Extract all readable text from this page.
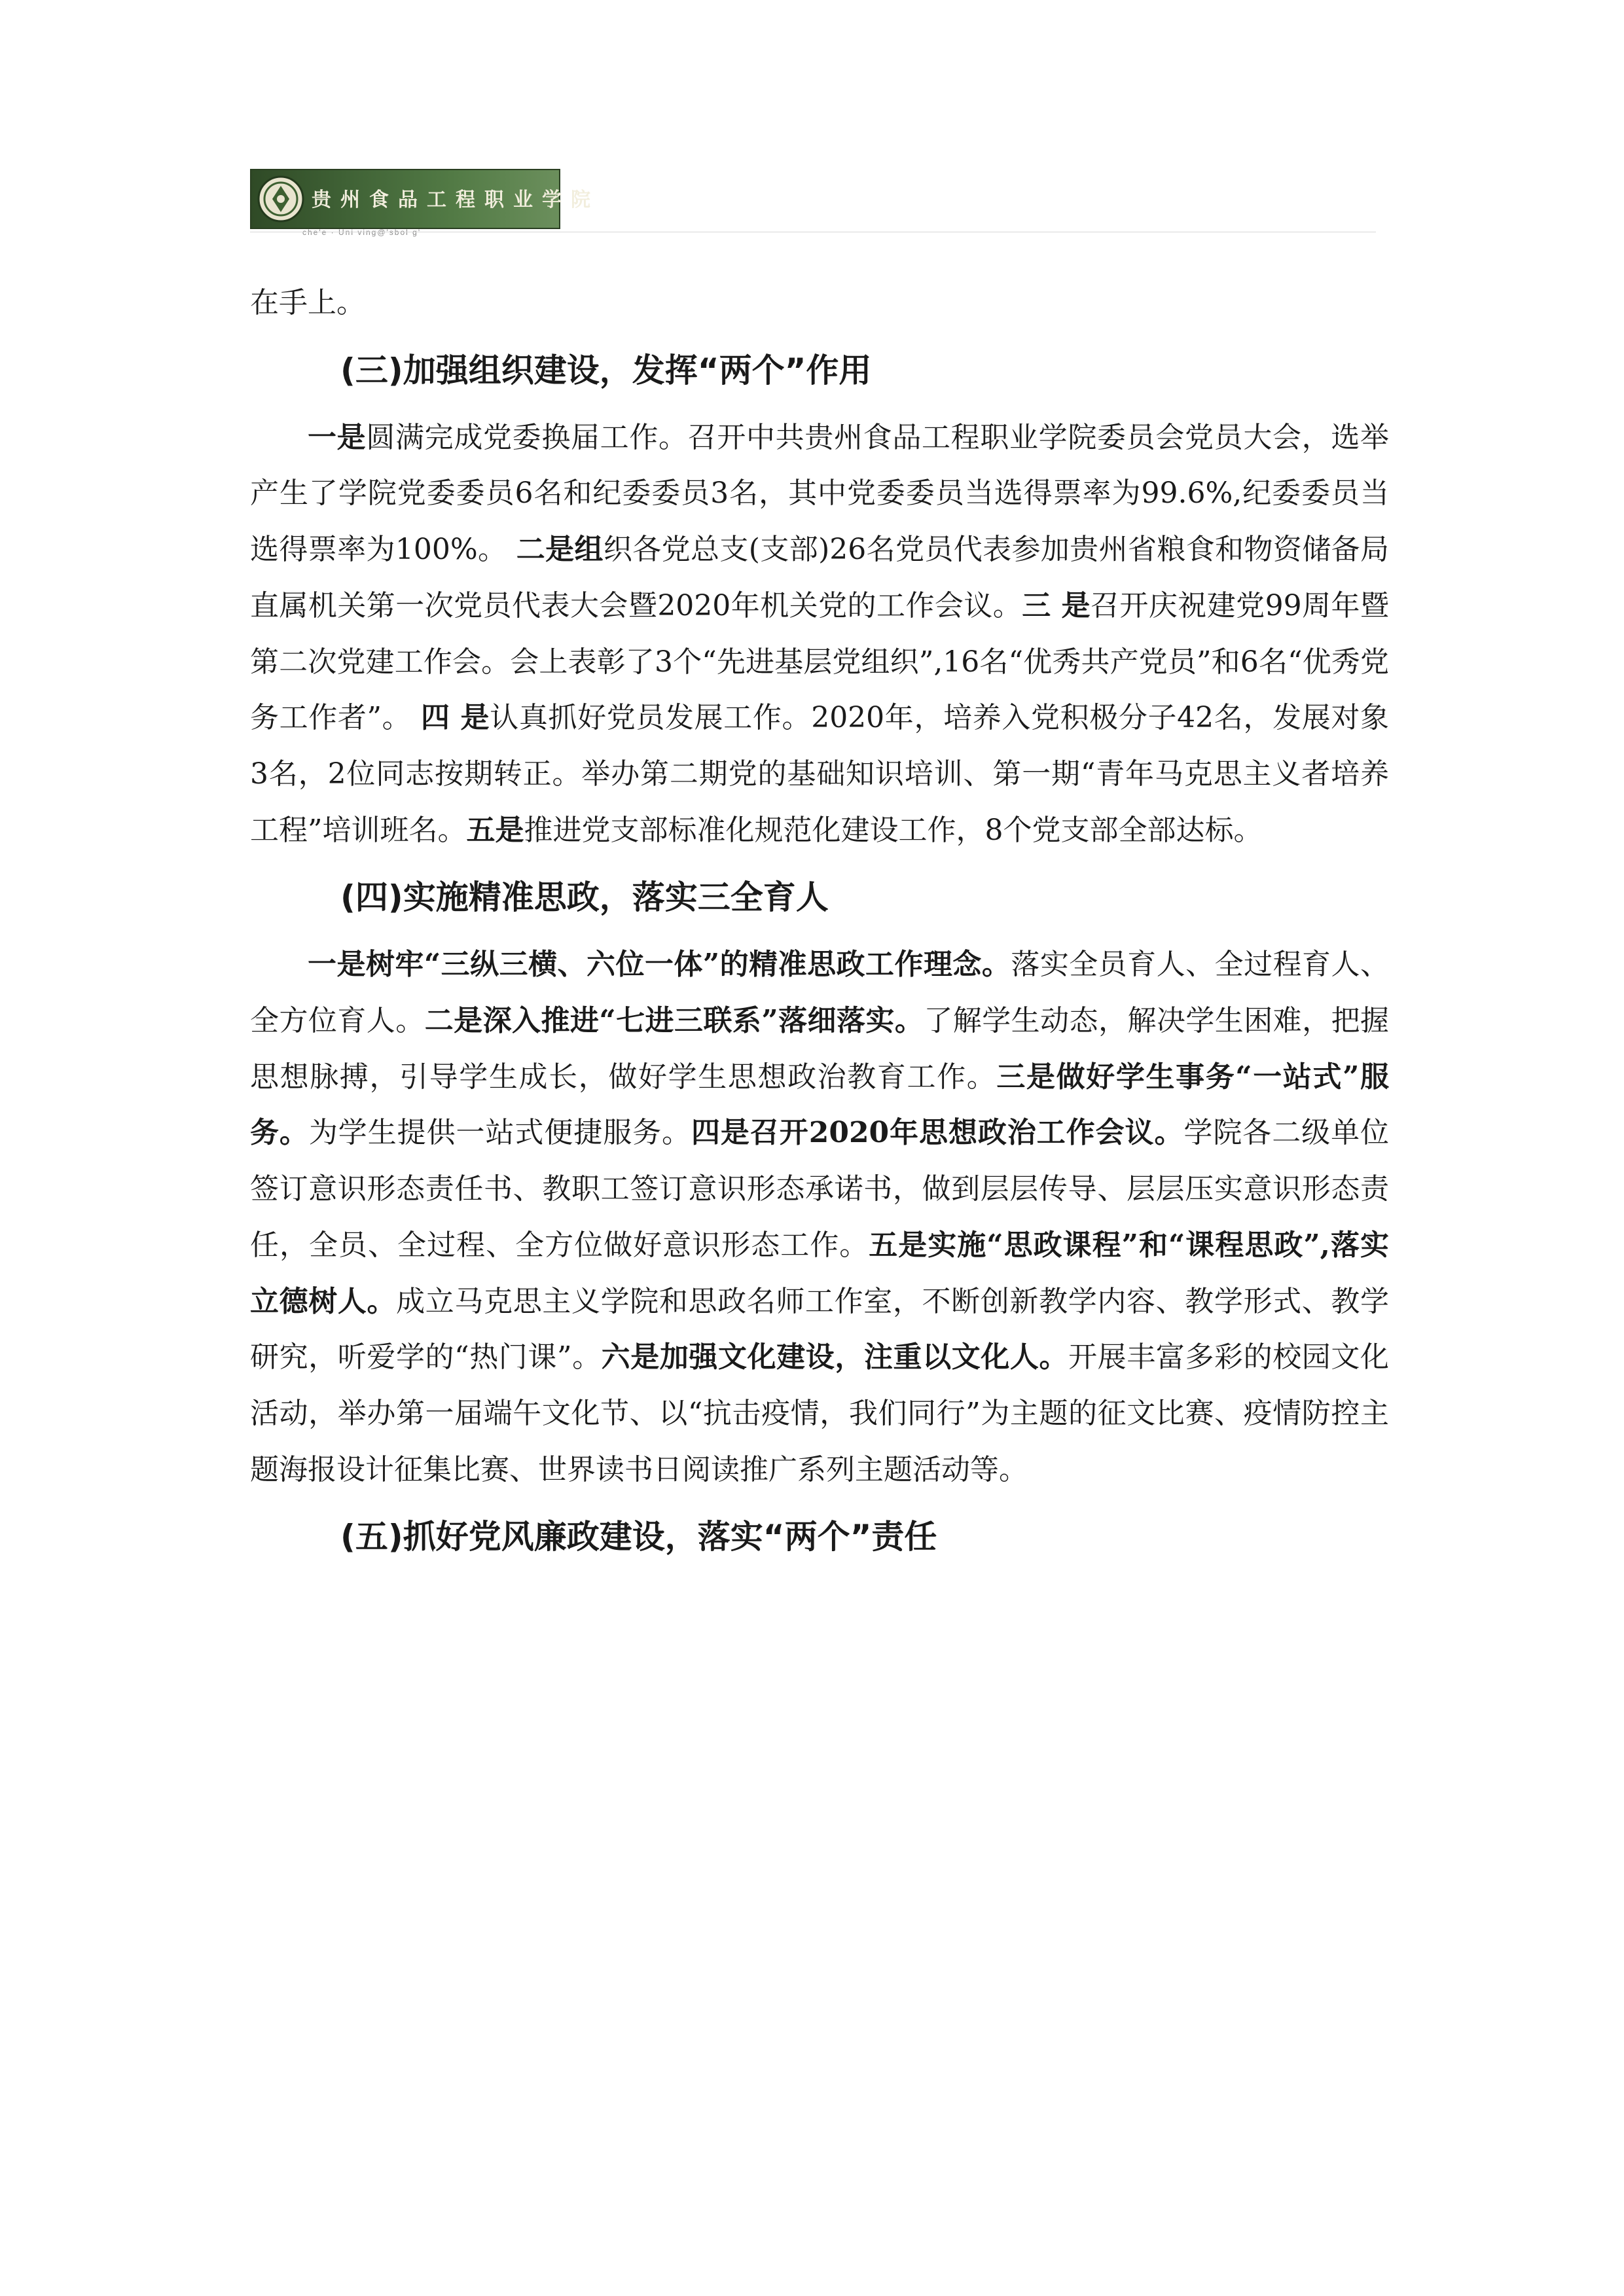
贵州食品工程职业学院
che'e · Uni ving@'sbol g'

在手上。

(三)加强组织建设，发挥“两个”作用

一是圆满完成党委换届工作。召开中共贵州食品工程职业学院委员会党员大会，选举产生了学院党委委员6名和纪委委员3名，其中党委委员当选得票率为99.6%,纪委委员当选得票率为100%。 二是组织各党总支(支部)26名党员代表参加贵州省粮食和物资储备局直属机关第一次党员代表大会暨2020年机关党的工作会议。三 是召开庆祝建党99周年暨第二次党建工作会。会上表彰了3个“先进基层党组织”,16名“优秀共产党员”和6名“优秀党务工作者”。 四 是认真抓好党员发展工作。2020年，培养入党积极分子42名，发展对象3名，2位同志按期转正。举办第二期党的基础知识培训、第一期“青年马克思主义者培养工程”培训班名。五是推进党支部标准化规范化建设工作，8个党支部全部达标。

(四)实施精准思政，落实三全育人

一是树牢“三纵三横、六位一体”的精准思政工作理念。落实全员育人、全过程育人、全方位育人。二是深入推进“七进三联系”落细落实。了解学生动态，解决学生困难，把握思想脉搏，引导学生成长，做好学生思想政治教育工作。三是做好学生事务“一站式”服务。为学生提供一站式便捷服务。四是召开2020年思想政治工作会议。学院各二级单位签订意识形态责任书、教职工签订意识形态承诺书，做到层层传导、层层压实意识形态责任，全员、全过程、全方位做好意识形态工作。五是实施“思政课程”和“课程思政”,落实立德树人。成立马克思主义学院和思政名师工作室，不断创新教学内容、教学形式、教学研究，听爱学的“热门课”。六是加强文化建设，注重以文化人。开展丰富多彩的校园文化活动，举办第一届端午文化节、以“抗击疫情，我们同行”为主题的征文比赛、疫情防控主题海报设计征集比赛、世界读书日阅读推广系列主题活动等。

(五)抓好党风廉政建设，落实“两个”责任
